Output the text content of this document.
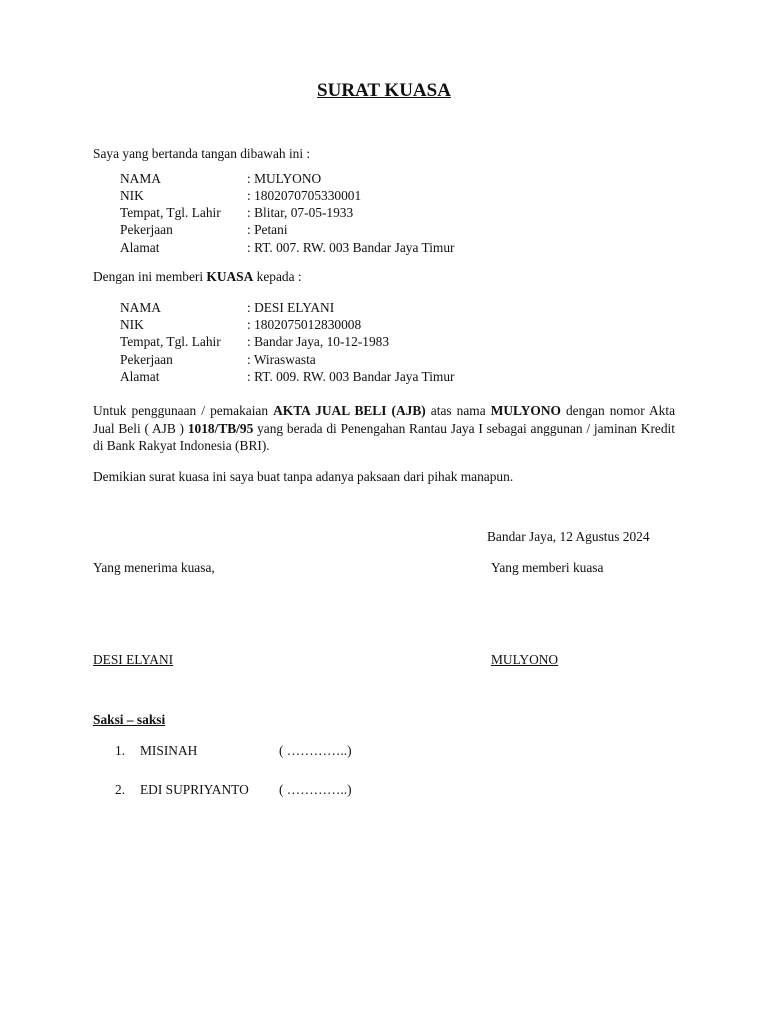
SURAT KUASA
Saya yang bertanda tangan dibawah ini :
NAMA	: MULYONO
NIK	: 1802070705330001
Tempat, Tgl. Lahir : Blitar, 07-05-1933
Pekerjaan	: Petani
Alamat	: RT. 007. RW. 003 Bandar Jaya Timur
Dengan ini memberi KUASA kepada :
NAMA	: DESI ELYANI
NIK	: 1802075012830008
Tempat, Tgl. Lahir : Bandar Jaya, 10-12-1983
Pekerjaan	: Wiraswasta
Alamat	: RT. 009. RW. 003 Bandar Jaya Timur
Untuk penggunaan / pemakaian AKTA JUAL BELI (AJB) atas nama MULYONO dengan nomor Akta Jual Beli ( AJB ) 1018/TB/95 yang berada di Penengahan Rantau Jaya I sebagai anggunan / jaminan Kredit di Bank Rakyat Indonesia (BRI).
Demikian surat kuasa ini saya buat tanpa adanya paksaan dari pihak manapun.
Bandar Jaya, 12 Agustus 2024
Yang menerima kuasa,	Yang memberi kuasa
DESI ELYANI	MULYONO
Saksi – saksi
1. MISINAH	( …………..)
2. EDI SUPRIYANTO ( …………..)
